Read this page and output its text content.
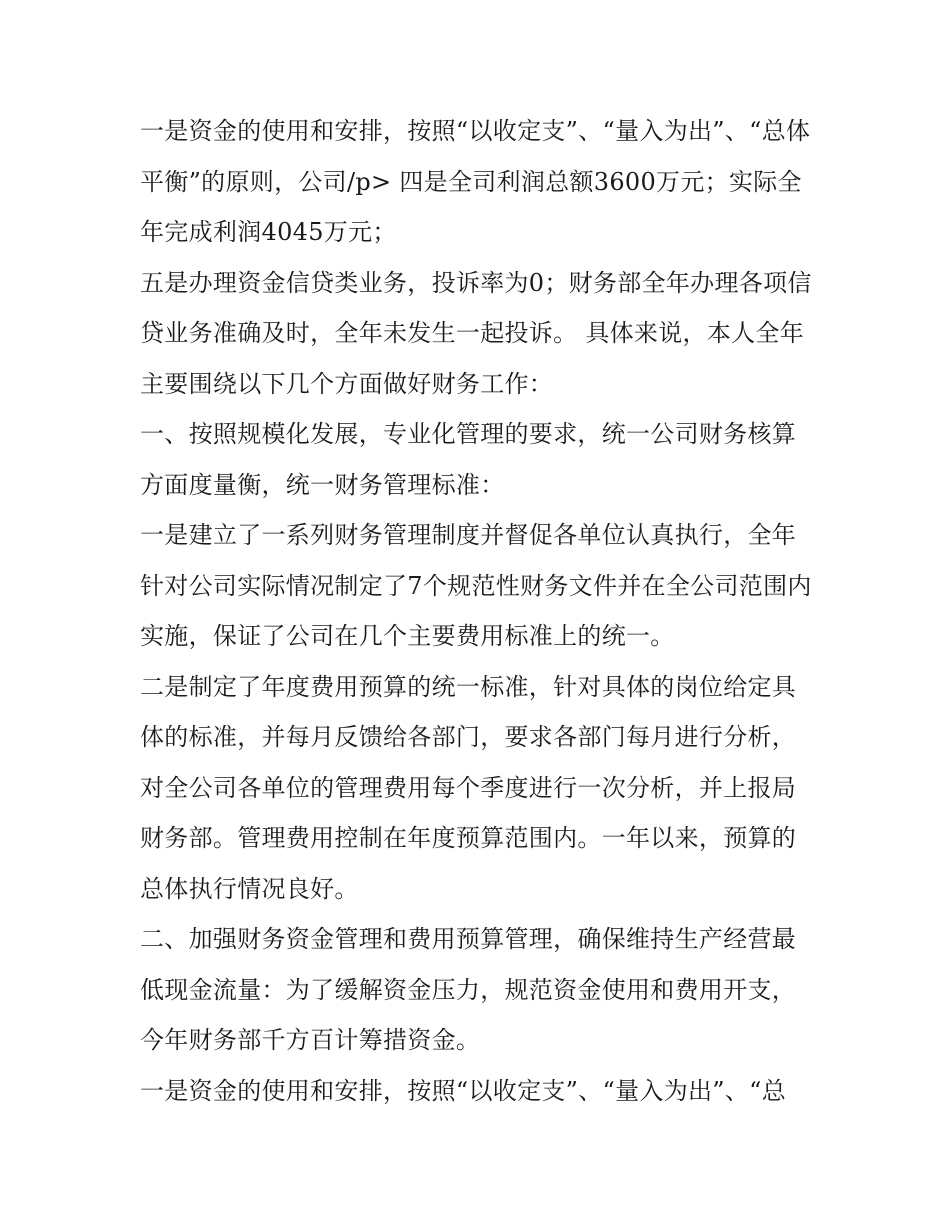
一是资金的使用和安排，按照“以收定支”、“量入为出”、“总体平衡”的原则，公司/p> 四是全司利润总额3600万元；实际全年完成利润4045万元；

五是办理资金信贷类业务，投诉率为0；财务部全年办理各项信贷业务准确及时，全年未发生一起投诉。 具体来说，本人全年主要围绕以下几个方面做好财务工作：

一、按照规模化发展，专业化管理的要求，统一公司财务核算方面度量衡，统一财务管理标准：

一是建立了一系列财务管理制度并督促各单位认真执行，全年针对公司实际情况制定了7个规范性财务文件并在全公司范围内实施，保证了公司在几个主要费用标准上的统一。

二是制定了年度费用预算的统一标准，针对具体的岗位给定具体的标准，并每月反馈给各部门，要求各部门每月进行分析，对全公司各单位的管理费用每个季度进行一次分析，并上报局财务部。管理费用控制在年度预算范围内。一年以来，预算的总体执行情况良好。

二、加强财务资金管理和费用预算管理，确保维持生产经营最低现金流量：为了缓解资金压力，规范资金使用和费用开支，今年财务部千方百计筹措资金。

一是资金的使用和安排，按照“以收定支”、“量入为出”、“总
